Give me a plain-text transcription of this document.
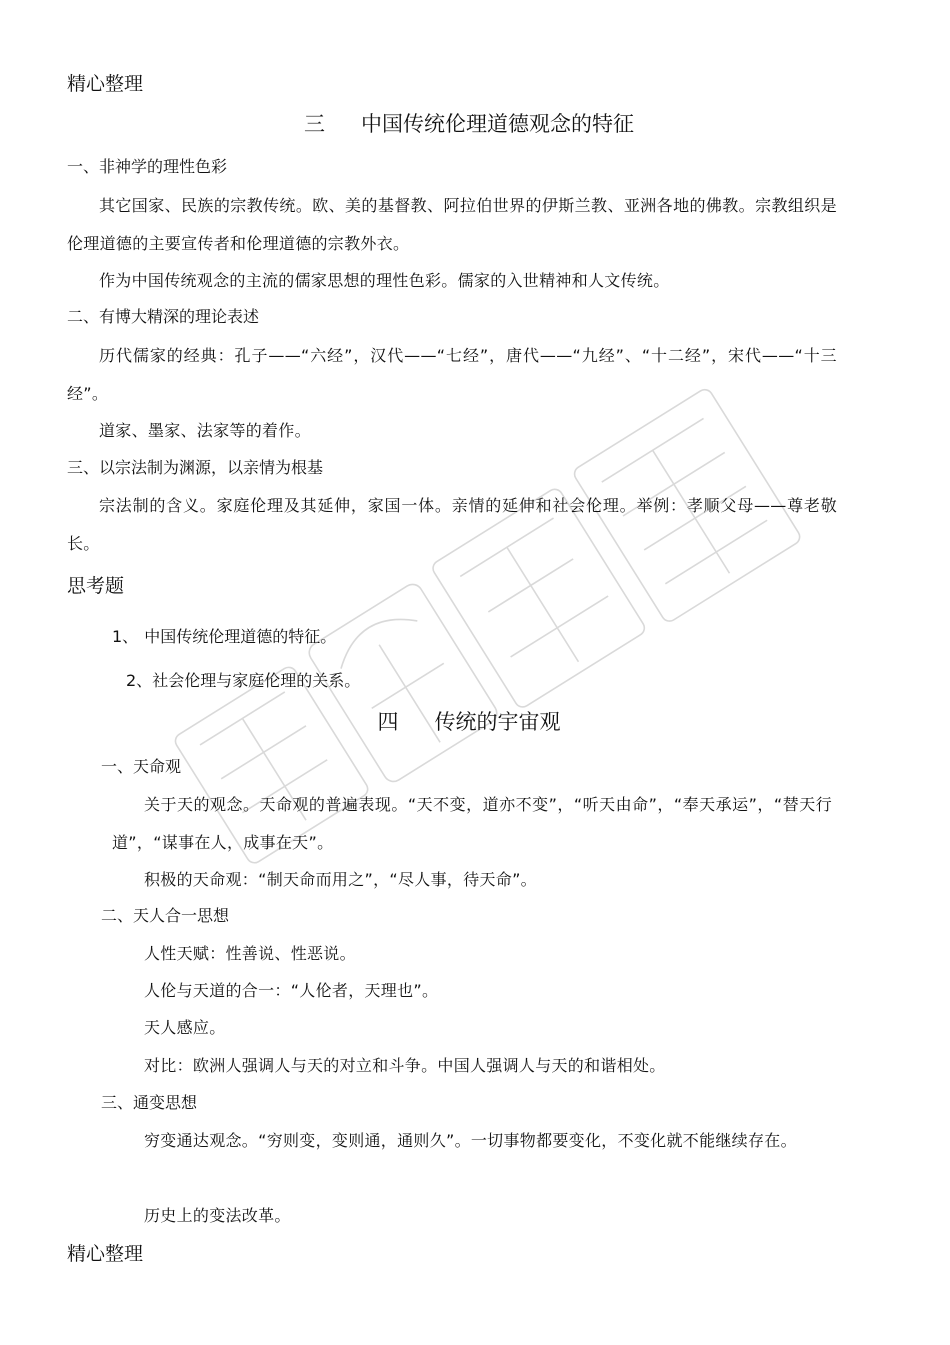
精心整理
三 中国传统伦理道德观念的特征
一、非神学的理性色彩
其它国家、民族的宗教传统。欧、美的基督教、阿拉伯世界的伊斯兰教、亚洲各地的佛教。宗教组织是伦理道德的主要宣传者和伦理道德的宗教外衣。
作为中国传统观念的主流的儒家思想的理性色彩。儒家的入世精神和人文传统。
二、有博大精深的理论表述
历代儒家的经典：孔子——“六经”，汉代——“七经”，唐代——“九经”、“十二经”，宋代——“十三经”。
道家、墨家、法家等的着作。
三、以宗法制为渊源，以亲情为根基
宗法制的含义。家庭伦理及其延伸，家国一体。亲情的延伸和社会伦理。举例：孝顺父母——尊老敬长。
思考题
1、 中国传统伦理道德的特征。
2、社会伦理与家庭伦理的关系。
四 传统的宇宙观
一、天命观
关于天的观念。天命观的普遍表现。“天不变，道亦不变”，“听天由命”，“奉天承运”，“替天行道”，“谋事在人，成事在天”。
积极的天命观：“制天命而用之”，“尽人事，待天命”。
二、天人合一思想
人性天赋：性善说、性恶说。
人伦与天道的合一：“人伦者，天理也”。
天人感应。
对比：欧洲人强调人与天的对立和斗争。中国人强调人与天的和谐相处。
三、通变思想
穷变通达观念。“穷则变，变则通，通则久”。一切事物都要变化，不变化就不能继续存在。
历史上的变法改革。
精心整理
